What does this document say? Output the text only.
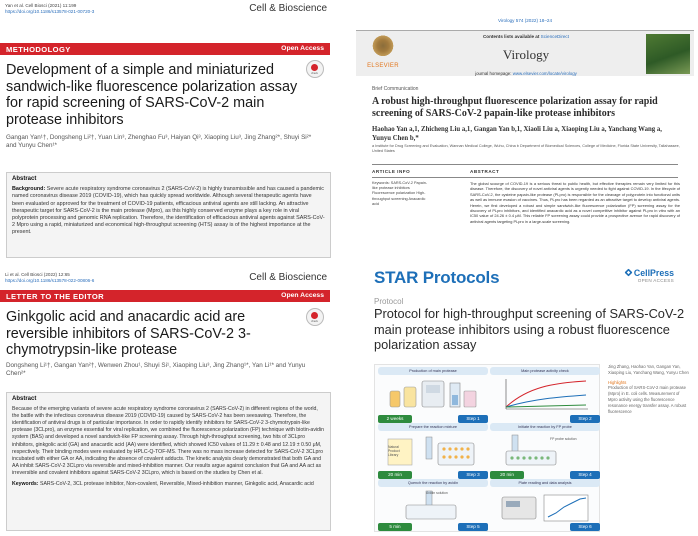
Yan et al. Cell Biosci (2021) 11:199
https://doi.org/10.1186/s13578-021-00720-3	Cell & Bioscience
METHODOLOGY	Open Access
check
Development of a simple and miniaturized sandwich-like fluorescence polarization assay for rapid screening of SARS-CoV-2 main protease inhibitors
Gangan Yan¹†, Dongsheng Li²†, Yuan Lin³, Zhenghao Fu³, Haiyan Qi³, Xiaoping Liu³, Jing Zhang²*, Shuyi Si²* and Yunyu Chen¹*
Abstract
Background: Severe acute respiratory syndrome coronavirus 2 (SARS-CoV-2) is highly transmissible and has caused a pandemic named coronavirus disease 2019 (COVID-19), which has quickly spread worldwide. Although several therapeutic agents have been evaluated or approved for the treatment of COVID-19 patients, efficacious antiviral agents are still lacking. An attractive therapeutic target for SARS-CoV-2 is the main protease (Mpro), as this highly conserved enzyme plays a key role in viral polyprotein processing and genomic RNA replication. Therefore, the identification of efficacious antiviral agents against SARS-CoV-2 Mpro using a rapid, miniaturized and economical high-throughput screening (HTS) assay is of the highest importance at the present.
Virology 574 (2022) 18–24
ELSEVIER
Contents lists available at ScienceDirect
Virology
journal homepage: www.elsevier.com/locate/virology
Brief Communication
A robust high-throughput fluorescence polarization assay for rapid screening of SARS-CoV-2 papain-like protease inhibitors
Haohao Yan a,1, Zhicheng Liu a,1, Gangan Yan b,1, Xiaoli Liu a, Xiaoping Liu a, Yanchang Wang a, Yunyu Chen b,*
a Institute for Drug Screening and Evaluation, Wannan Medical College, Wuhu, China b Department of Biomedical Sciences, College of Medicine, Florida State University, Tallahassee, United States
ARTICLE INFO	ABSTRACT
Keywords: SARS-CoV-2 Papain-like protease inhibitors Fluorescence polarization High-throughput screening Anacardic acid
The global scourge of COVID-19 is a serious threat to public health, but effective therapies remain very limited for this disease. Therefore, the discovery of novel antiviral agents is urgently needed to fight against COVID-19. In the lifecycle of SARS-CoV-2, the cysteine papain-like protease (PLpro) is responsible for the cleavage of polyprotein into functional units as well as immune evasion of vaccines. Thus, PLpro has been regarded as an attractive target to develop antiviral agents. Herein, we first developed a robust and simple sandwich-like fluorescence polarization (FP) screening assay for the discovery of PLpro inhibitors, and identified anacardic acid as a novel competitive inhibitor against PLpro in vitro with an IC50 value of 24.26 ± 0.4 μM. This reliable FP screening assay could provide a prospective avenue for rapid discovery of antiviral agents targeting PLpro in a large-scale screening.
Li et al. Cell Biosci (2022) 12:65
https://doi.org/10.1186/s13578-022-00806-6	Cell & Bioscience
LETTER TO THE EDITOR	Open Access
check
Ginkgolic acid and anacardic acid are reversible inhibitors of SARS-CoV-2 3-chymotrypsin-like protease
Dongsheng Li¹†, Gangan Yan²†, Wenwen Zhou¹, Shuyi Si¹, Xiaoping Liu³, Jing Zhang¹*, Yan Li¹* and Yunyu Chen²*
Abstract
Because of the emerging variants of severe acute respiratory syndrome coronavirus 2 (SARS-CoV-2) in different regions of the world, the battle with the infectious coronavirus disease 2019 (COVID-19) caused by SARS-CoV-2 has been seesawing. Therefore, the identification of antiviral drugs is of particular importance. In order to rapidly identify inhibitors for SARS-CoV-2 3-chymotrypsin-like protease (3CLpro), an enzyme essential for viral replication, we combined the fluorescence polarization (FP) technique with biotin-avidin system (BAS) and developed a novel sandwich-like FP screening assay. Through high-throughput screening, two hits of 3CLpro inhibitors, ginkgolic acid (GA) and anacardic acid (AA) were identified, which showed IC50 values of 11.29 ± 0.48 and 12.19 ± 0.50 μM, respectively. Their binding modes were evaluated by HPLC-Q-TOF-MS. There was no mass increase detected for SARS-CoV-2 3CLpro incubated with either GA or AA, indicating the absence of covalent adducts. The kinetic analysis clearly demonstrated that both GA and AA inhibit SARS-CoV-2 3CLpro via reversible and mixed-inhibition manner. Our results argue against conclusion that GA and AA act as irreversible and covalent inhibitors against SARS-CoV-2 3CLpro, which is based on the studies by Chen et al.
Keywords: SARS-CoV-2, 3CL protease inhibitor, Non-covalent, Reversible, Mixed-inhibition manner, Ginkgolic acid, Anacardic acid
STAR Protocols	CellPress
OPEN ACCESS
Protocol
Protocol for high-throughput screening of SARS-CoV-2 main protease inhibitors using a robust fluorescence polarization assay
Production of main protease
2 weeks	Step 1
Main protease activity check
Step 2
Prepare the reaction mixture
Natural Product Library
20 min	Step 3
Initiate the reaction by FP probe
FP probe solution
20 min	Step 4
Quench the reaction by avidin
Avidin solution
5 min	Step 5
Plate reading and data analysis
Step 6
Jing Zhang, Haohao Yan, Gangan Yan, Xiaoping Liu, Yanchang Wang, Yunyu Chen
Highlights
Production of SARS-CoV-2 main protease (Mpro) in E. coli cells. Measurement of Mpro activity using the fluorescence resonance energy transfer assay. A robust fluorescence
